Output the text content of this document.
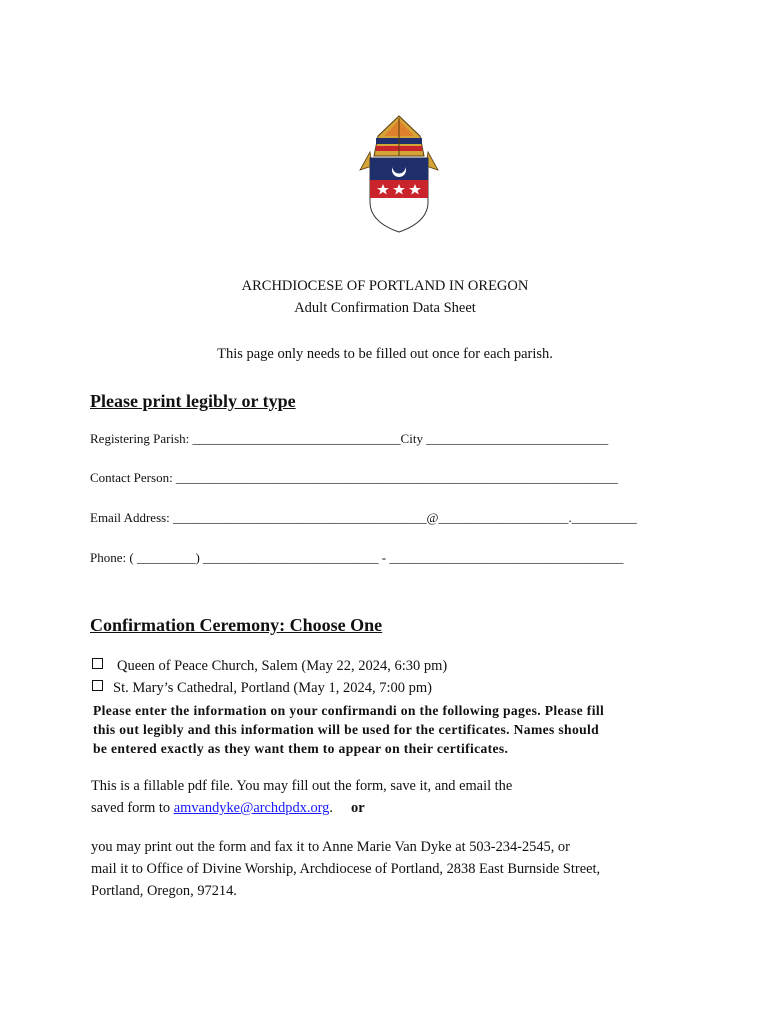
ARCHDIOCESE OF PORTLAND IN OREGON
Adult Confirmation Data Sheet
This page only needs to be filled out once for each parish.
Please print legibly or type
Registering Parish: ________________________________City ____________________________
Contact Person: ____________________________________________________________________
Email Address: _______________________________________@____________________.__________
Phone: ( _________) ___________________________ - ____________________________________
Confirmation Ceremony: Choose One
Queen of Peace Church, Salem (May 22, 2024, 6:30 pm)
St. Mary’s Cathedral, Portland (May 1, 2024, 7:00 pm)
Please enter the information on your confirmandi on the following pages. Please fill
this out legibly and this information will be used for the certificates. Names should
be entered exactly as they want them to appear on their certificates.
This is a fillable pdf file. You may fill out the form, save it, and email the
saved form to amvandyke@archdpdx.org. or
you may print out the form and fax it to Anne Marie Van Dyke at 503-234-2545, or
mail it to Office of Divine Worship, Archdiocese of Portland, 2838 East Burnside Street,
Portland, Oregon, 97214.
